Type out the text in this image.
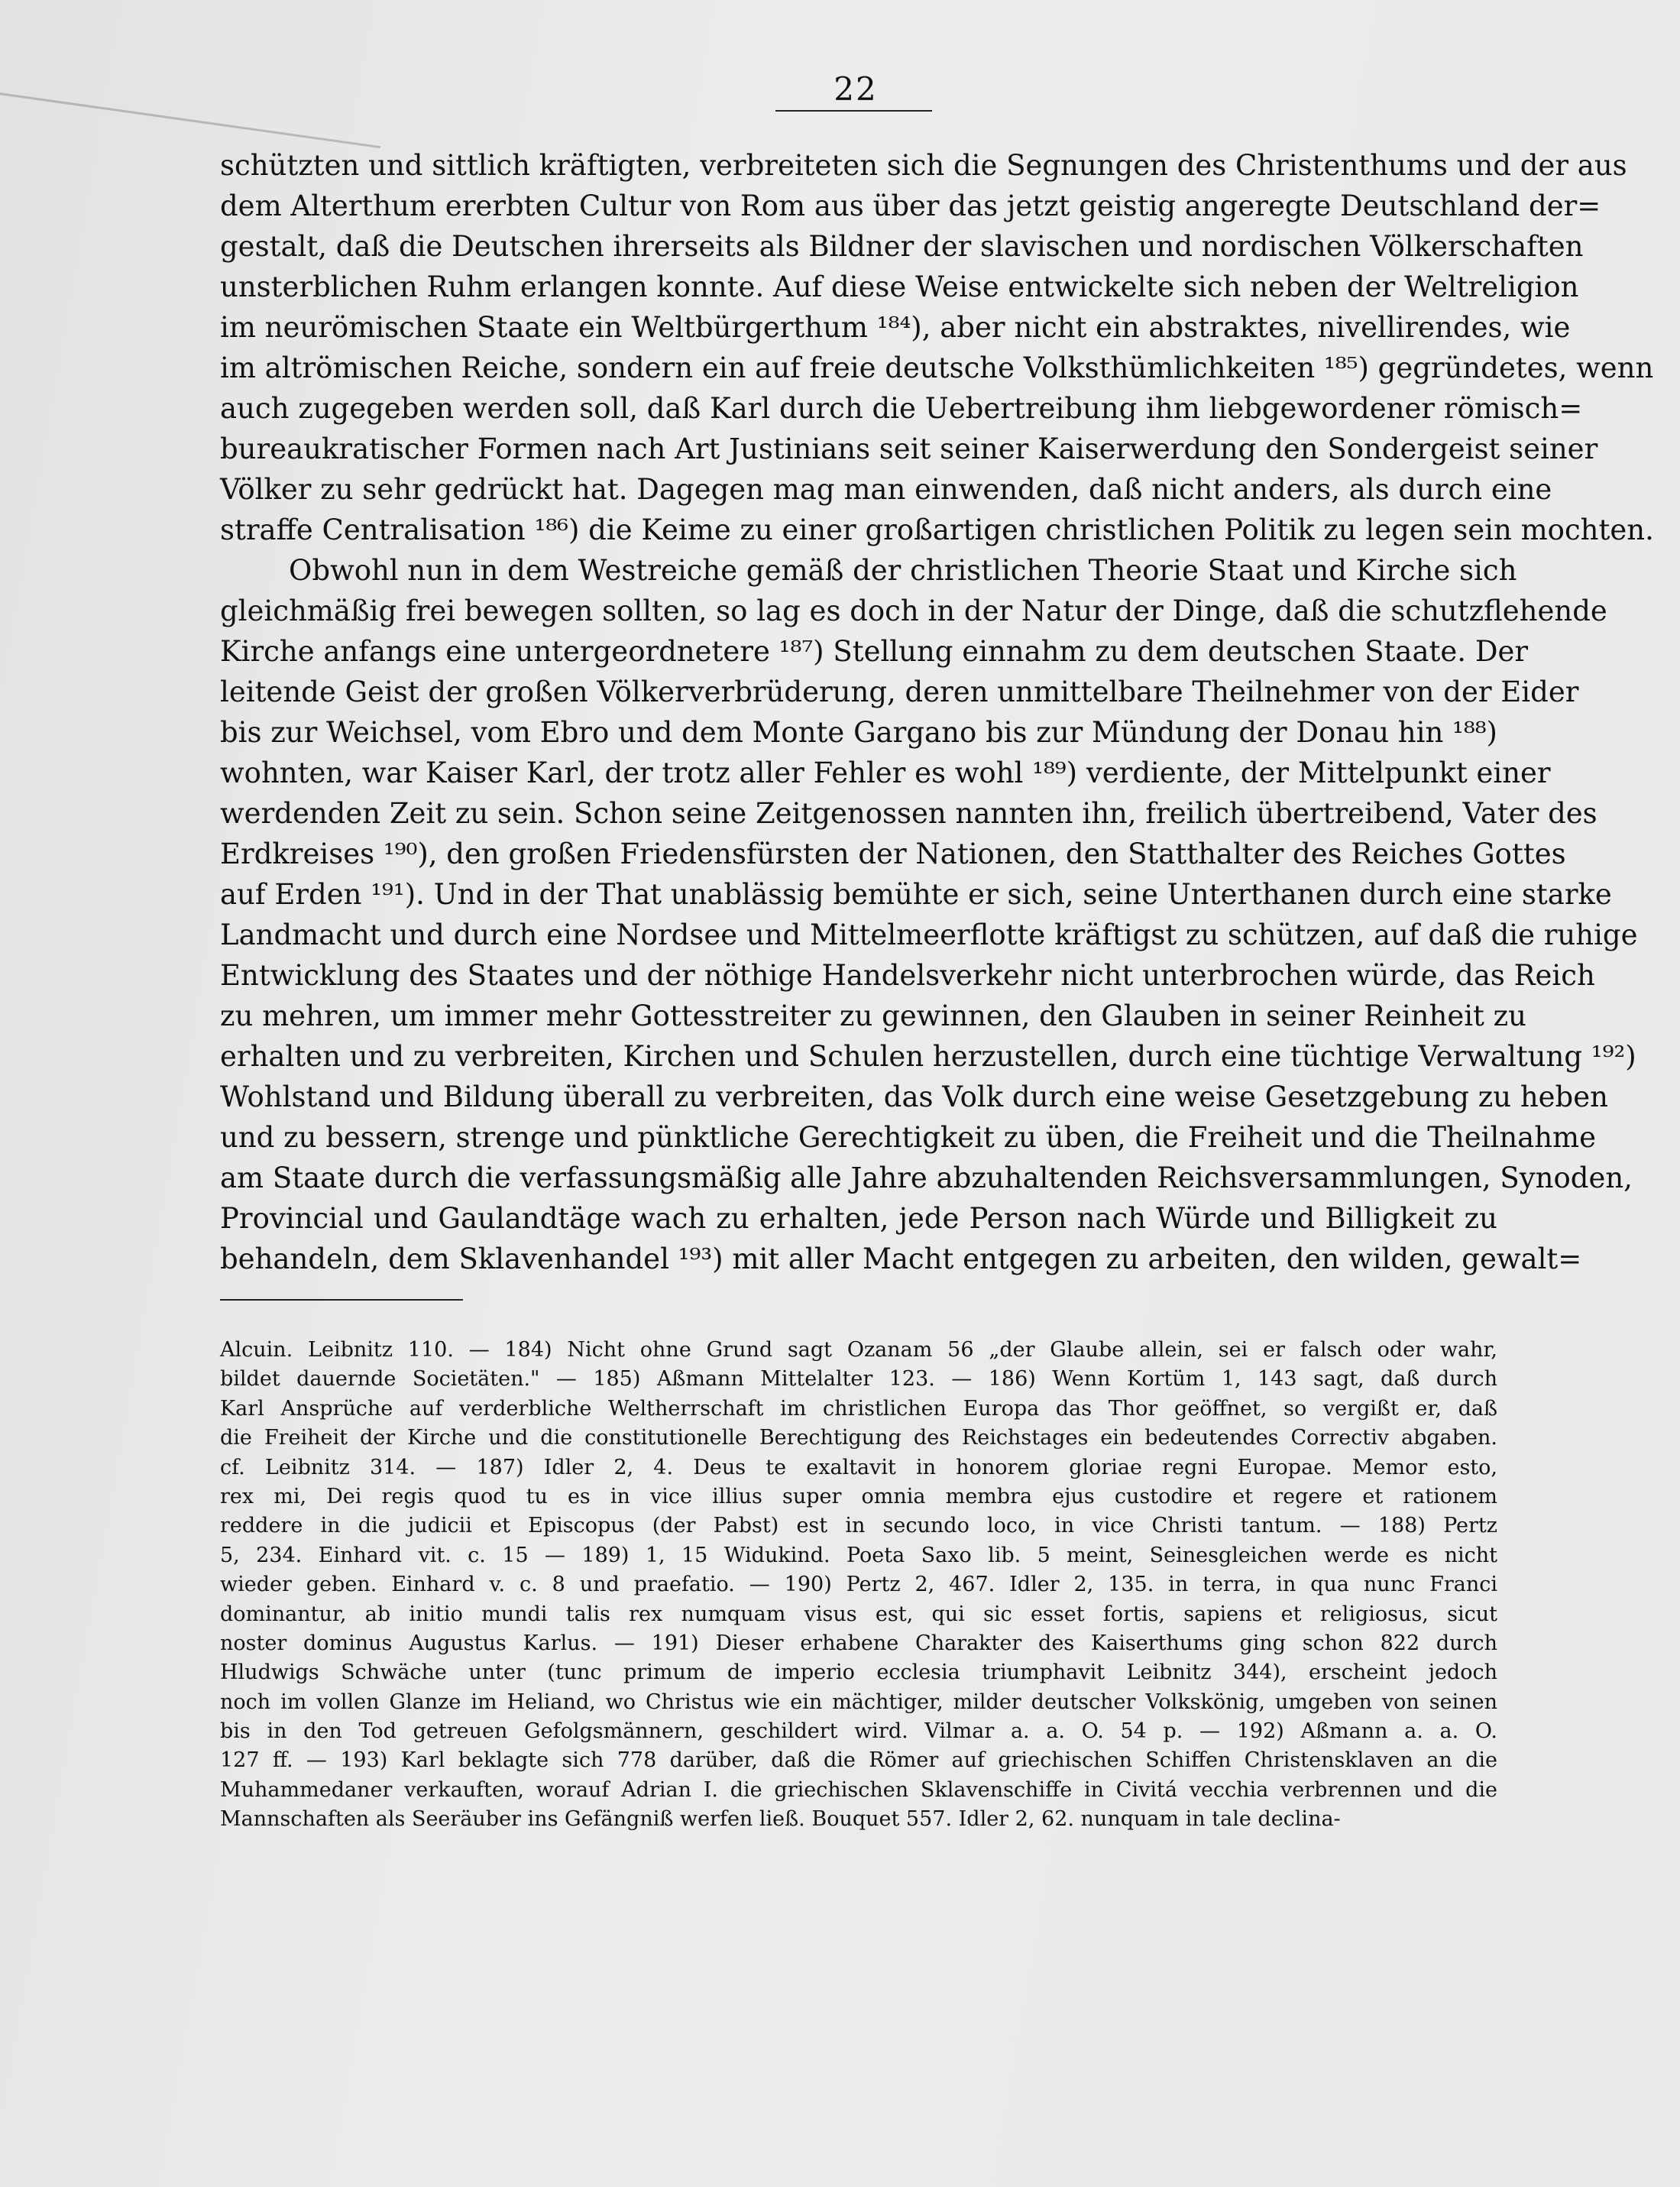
22
schützten und sittlich kräftigten, verbreiteten sich die Segnungen des Christenthums und der aus
dem Alterthum ererbten Cultur von Rom aus über das jetzt geistig angeregte Deutschland der=
gestalt, daß die Deutschen ihrerseits als Bildner der slavischen und nordischen Völkerschaften
unsterblichen Ruhm erlangen konnte. Auf diese Weise entwickelte sich neben der Weltreligion
im neurömischen Staate ein Weltbürgerthum ¹⁸⁴), aber nicht ein abstraktes, nivellirendes, wie
im altrömischen Reiche, sondern ein auf freie deutsche Volksthümlichkeiten ¹⁸⁵) gegründetes, wenn
auch zugegeben werden soll, daß Karl durch die Uebertreibung ihm liebgewordener römisch=
bureaukratischer Formen nach Art Justinians seit seiner Kaiserwerdung den Sondergeist seiner
Völker zu sehr gedrückt hat. Dagegen mag man einwenden, daß nicht anders, als durch eine
straffe Centralisation ¹⁸⁶) die Keime zu einer großartigen christlichen Politik zu legen sein mochten.
Obwohl nun in dem Westreiche gemäß der christlichen Theorie Staat und Kirche sich
gleichmäßig frei bewegen sollten, so lag es doch in der Natur der Dinge, daß die schutzflehende
Kirche anfangs eine untergeordnetere ¹⁸⁷) Stellung einnahm zu dem deutschen Staate. Der
leitende Geist der großen Völkerverbrüderung, deren unmittelbare Theilnehmer von der Eider
bis zur Weichsel, vom Ebro und dem Monte Gargano bis zur Mündung der Donau hin ¹⁸⁸)
wohnten, war Kaiser Karl, der trotz aller Fehler es wohl ¹⁸⁹) verdiente, der Mittelpunkt einer
werdenden Zeit zu sein. Schon seine Zeitgenossen nannten ihn, freilich übertreibend, Vater des
Erdkreises ¹⁹⁰), den großen Friedensfürsten der Nationen, den Statthalter des Reiches Gottes
auf Erden ¹⁹¹). Und in der That unablässig bemühte er sich, seine Unterthanen durch eine starke
Landmacht und durch eine Nordsee und Mittelmeerflotte kräftigst zu schützen, auf daß die ruhige
Entwicklung des Staates und der nöthige Handelsverkehr nicht unterbrochen würde, das Reich
zu mehren, um immer mehr Gottesstreiter zu gewinnen, den Glauben in seiner Reinheit zu
erhalten und zu verbreiten, Kirchen und Schulen herzustellen, durch eine tüchtige Verwaltung ¹⁹²)
Wohlstand und Bildung überall zu verbreiten, das Volk durch eine weise Gesetzgebung zu heben
und zu bessern, strenge und pünktliche Gerechtigkeit zu üben, die Freiheit und die Theilnahme
am Staate durch die verfassungsmäßig alle Jahre abzuhaltenden Reichsversammlungen, Synoden,
Provincial und Gaulandtäge wach zu erhalten, jede Person nach Würde und Billigkeit zu
behandeln, dem Sklavenhandel ¹⁹³) mit aller Macht entgegen zu arbeiten, den wilden, gewalt=
Alcuin. Leibnitz 110. — 184) Nicht ohne Grund sagt Ozanam 56 „der Glaube allein, sei er falsch oder wahr,
bildet dauernde Societäten." — 185) Aßmann Mittelalter 123. — 186) Wenn Kortüm 1, 143 sagt, daß durch
Karl Ansprüche auf verderbliche Weltherrschaft im christlichen Europa das Thor geöffnet, so vergißt er, daß
die Freiheit der Kirche und die constitutionelle Berechtigung des Reichstages ein bedeutendes Correctiv abgaben.
cf. Leibnitz 314. — 187) Idler 2, 4. Deus te exaltavit in honorem gloriae regni Europae. Memor esto,
rex mi, Dei regis quod tu es in vice illius super omnia membra ejus custodire et regere et rationem
reddere in die judicii et Episcopus (der Pabst) est in secundo loco, in vice Christi tantum. — 188) Pertz
5, 234. Einhard vit. c. 15 — 189) 1, 15 Widukind. Poeta Saxo lib. 5 meint, Seinesgleichen werde es nicht
wieder geben. Einhard v. c. 8 und praefatio. — 190) Pertz 2, 467. Idler 2, 135. in terra, in qua nunc Franci
dominantur, ab initio mundi talis rex numquam visus est, qui sic esset fortis, sapiens et religiosus, sicut
noster dominus Augustus Karlus. — 191) Dieser erhabene Charakter des Kaiserthums ging schon 822 durch
Hludwigs Schwäche unter (tunc primum de imperio ecclesia triumphavit Leibnitz 344), erscheint jedoch
noch im vollen Glanze im Heliand, wo Christus wie ein mächtiger, milder deutscher Volkskönig, umgeben von seinen
bis in den Tod getreuen Gefolgsmännern, geschildert wird. Vilmar a. a. O. 54 p. — 192) Aßmann a. a. O.
127 ff. — 193) Karl beklagte sich 778 darüber, daß die Römer auf griechischen Schiffen Christensklaven an die
Muhammedaner verkauften, worauf Adrian I. die griechischen Sklavenschiffe in Civitá vecchia verbrennen und die
Mannschaften als Seeräuber ins Gefängniß werfen ließ. Bouquet 557. Idler 2, 62. nunquam in tale declina-
